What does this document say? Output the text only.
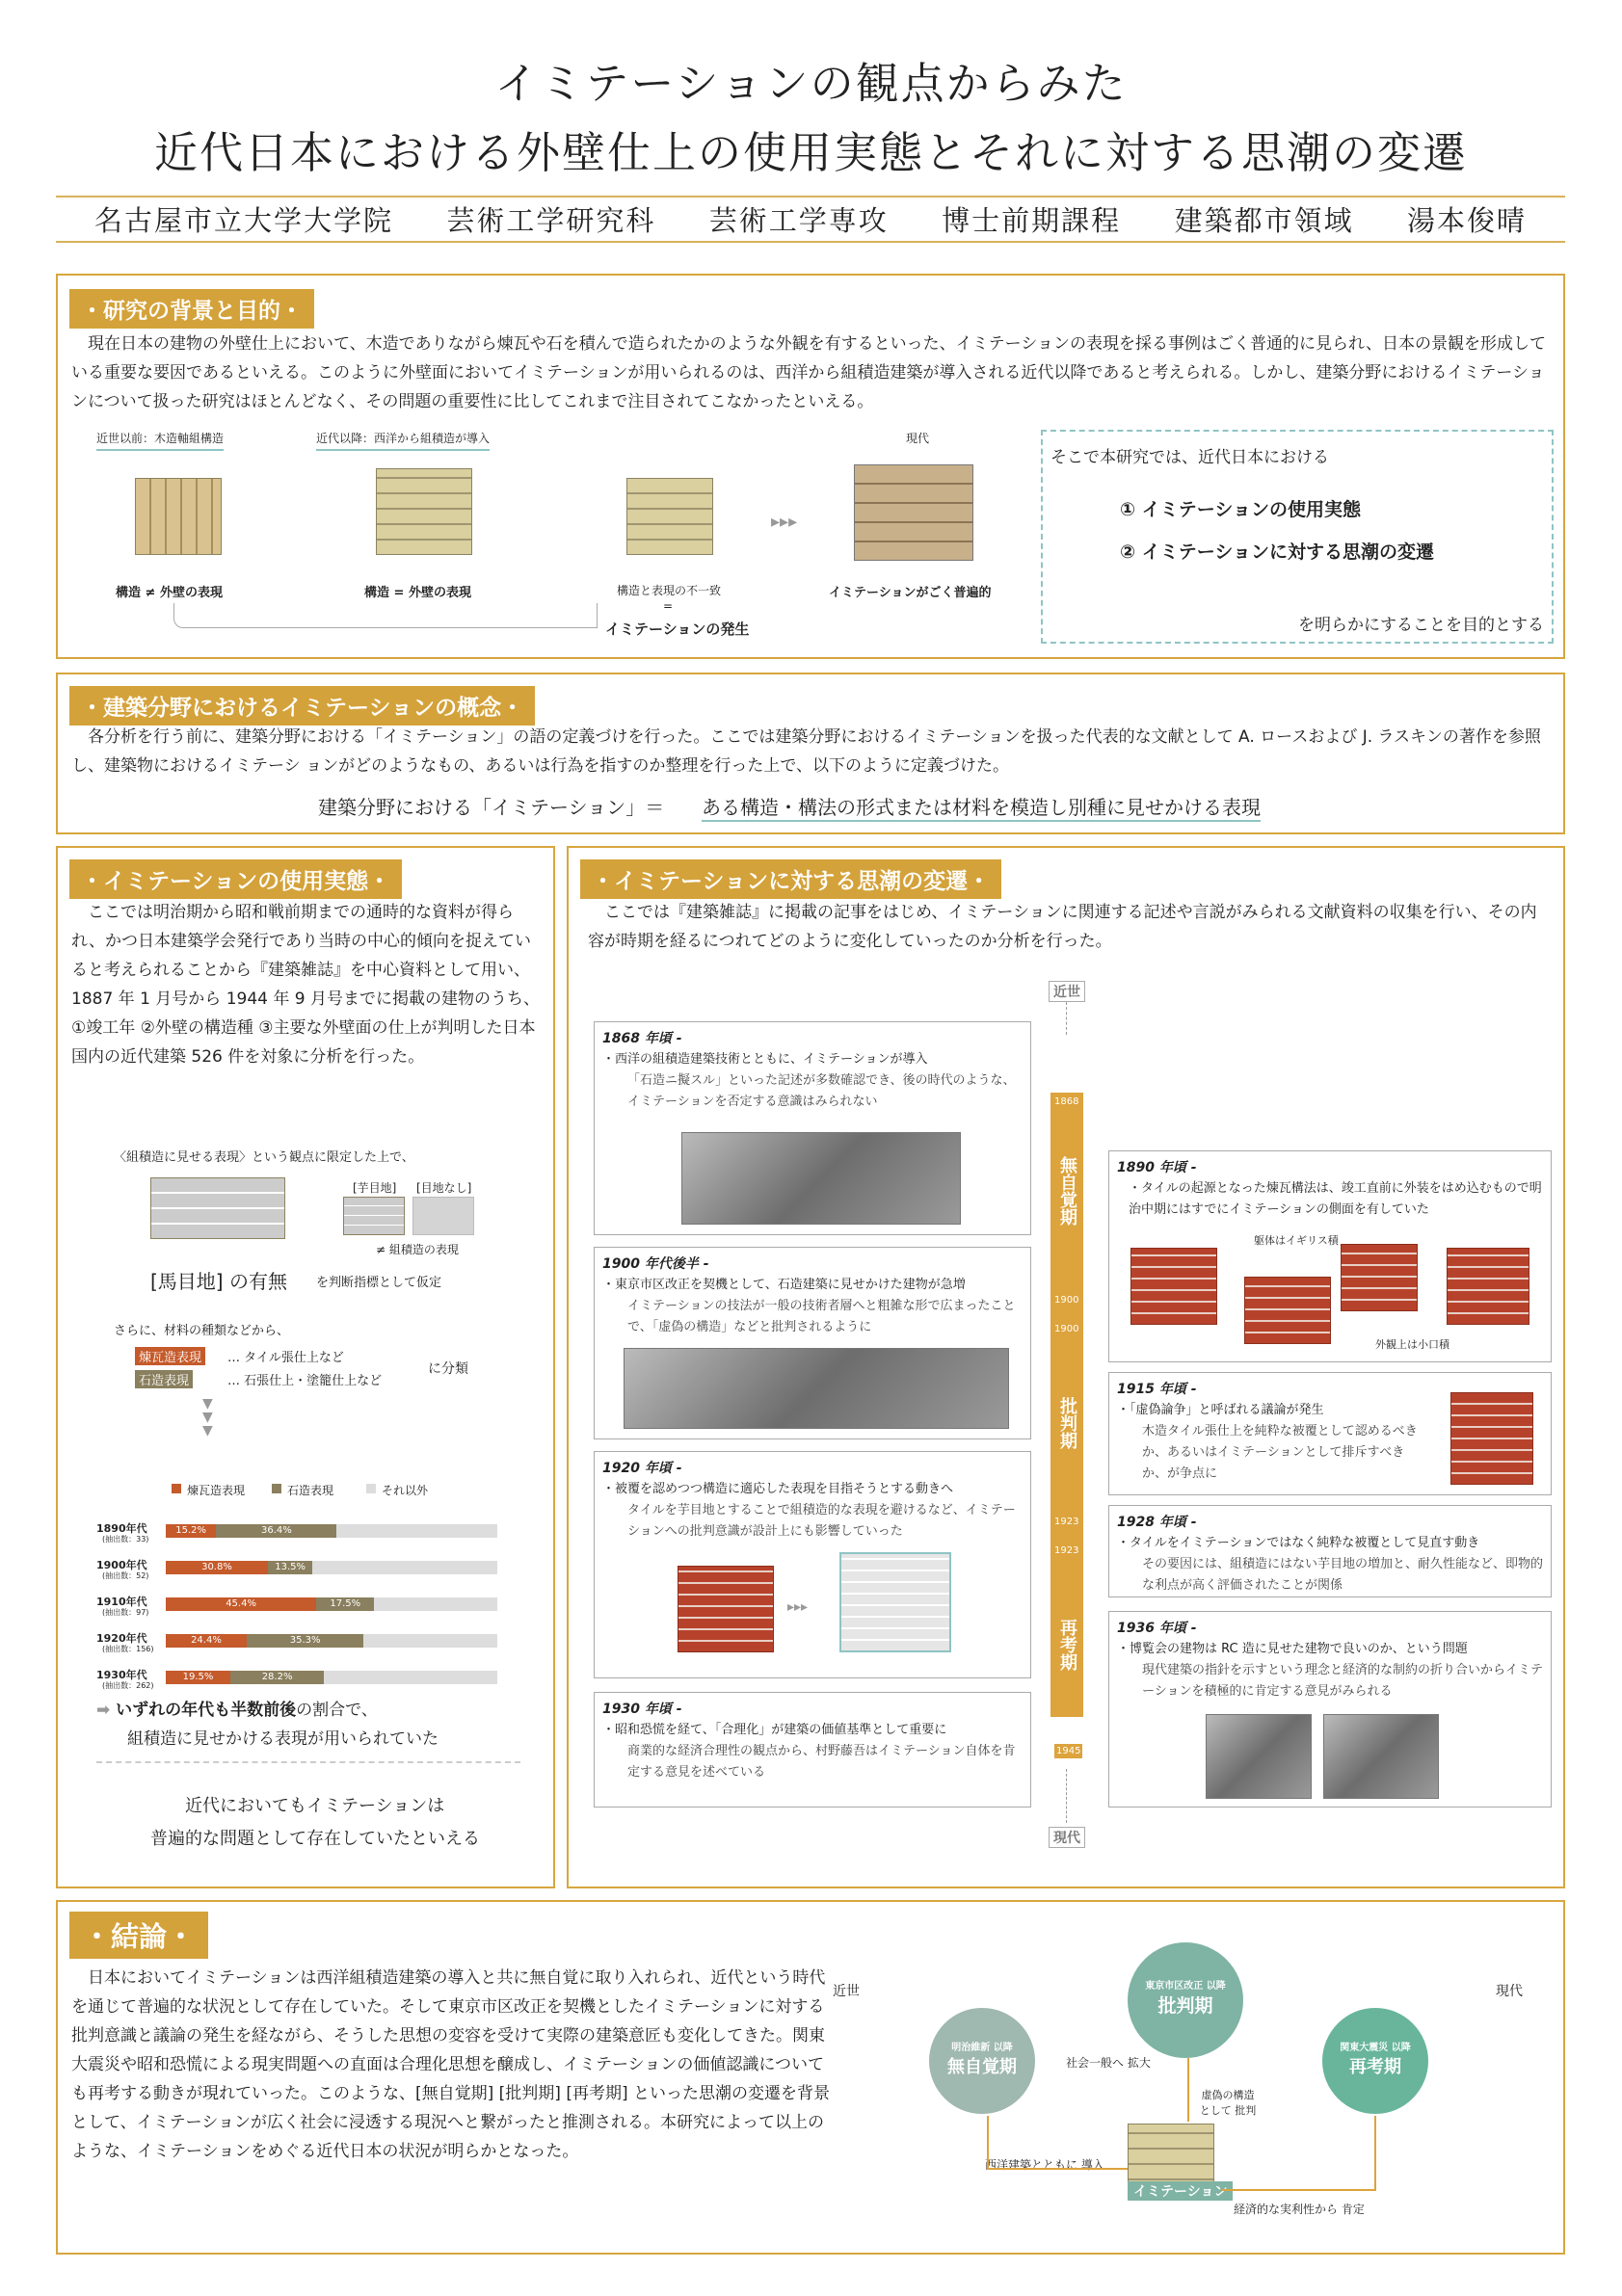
イミテーションの観点からみた
近代日本における外壁仕上の使用実態とそれに対する思潮の変遷
名古屋市立大学大学院 芸術工学研究科 芸術工学専攻 博士前期課程 建築都市領域 湯本俊晴
・研究の背景と目的・
現在日本の建物の外壁仕上において、木造でありながら煉瓦や石を積んで造られたかのような外観を有するといった、イミテーションの表現を採る事例はごく普通的に見られ、日本の景観を形成している重要な要因であるといえる。このように外壁面においてイミテーションが用いられるのは、西洋から組積造建築が導入される近代以降であると考えられる。しかし、建築分野におけるイミテーションについて扱った研究はほとんどなく、その問題の重要性に比してこれまで注目されてこなかったといえる。
近世以前：木造軸組構造	近代以降：西洋から組積造が導入	現代
▸▸▸
構造 ≠ 外壁の表現	構造 = 外壁の表現	構造と表現の不一致
=
イミテーションの発生
イミテーションがごく普遍的
そこで本研究では、近代日本における
① イミテーションの使用実態
② イミテーションに対する思潮の変遷
を明らかにすることを目的とする
・建築分野におけるイミテーションの概念・
各分析を行う前に、建築分野における「イミテーション」の語の定義づけを行った。ここでは建築分野におけるイミテーションを扱った代表的な文献として A. ロースおよび J. ラスキンの著作を参照し、建築物におけるイミテーシ ョンがどのようなもの、あるいは行為を指すのか整理を行った上で、以下のように定義づけた。
建築分野における「イミテーション」＝ ある構造・構法の形式または材料を模造し別種に見せかける表現
・イミテーションの使用実態・
ここでは明治期から昭和戦前期までの通時的な資料が得られ、かつ日本建築学会発行であり当時の中心的傾向を捉えていると考えられることから『建築雑誌』を中心資料として用い、1887 年 1 月号から 1944 年 9 月号までに掲載の建物のうち、①竣工年 ②外壁の構造種 ③主要な外壁面の仕上が判明した日本国内の近代建築 526 件を対象に分析を行った。
〈組積造に見せる表現〉という観点に限定した上で、
[芋目地] [目地なし]
≠ 組積造の表現
[馬目地] の有無 を判断指標として仮定
さらに、材料の種類などから、
煉瓦造表現	… タイル張仕上など
石造表現	… 石張仕上・塗籠仕上など
に分類
▼
▼
▼
煉瓦造表現	石造表現	それ以外
1890年代
(抽出数：33)
15.2%	36.4%
1900年代
(抽出数：52)
30.8%	13.5%
1910年代
(抽出数：97)
45.4%	17.5%
1920年代
(抽出数：156)
24.4%	35.3%
1930年代
(抽出数：262)
19.5%	28.2%
➡ いずれの年代も半数前後の割合で、
組積造に見せかける表現が用いられていた
近代においてもイミテーションは
普遍的な問題として存在していたといえる
・イミテーションに対する思潮の変遷・
ここでは『建築雑誌』に掲載の記事をはじめ、イミテーションに関連する記述や言説がみられる文献資料の収集を行い、その内容が時期を経るにつれてどのように変化していったのか分析を行った。
近世
1868
無自覚期
1900
1900
批判期
1923
1923
再考期
1945
現代
1868 年頃 -
・西洋の組積造建築技術とともに、イミテーションが導入
「石造ニ擬スル」といった記述が多数確認でき、後の時代のような、イミテーションを否定する意識はみられない
1900 年代後半 -
・東京市区改正を契機として、石造建築に見せかけた建物が急増
イミテーションの技法が一般の技術者層へと粗雑な形で広まったことで、「虚偽の構造」などと批判されるように
1920 年頃 -
・被覆を認めつつ構造に適応した表現を目指そうとする動きへ
タイルを芋目地とすることで組積造的な表現を避けるなど、イミテーションへの批判意識が設計上にも影響していった
▸▸▸
1930 年頃 -
・昭和恐慌を経て、「合理化」が建築の価値基準として重要に
商業的な経済合理性の観点から、村野藤吾はイミテーション自体を肯定する意見を述べている
1890 年頃 -
・タイルの起源となった煉瓦構法は、竣工直前に外装をはめ込むもので明治中期にはすでにイミテーションの側面を有していた
躯体はイギリス積
外観上は小口積
1915 年頃 -
・「虚偽論争」と呼ばれる議論が発生
木造タイル張仕上を純粋な被覆として認めるべきか、あるいはイミテーションとして排斥すべきか、が争点に
1928 年頃 -
・タイルをイミテーションではなく純粋な被覆として見直す動き
その要因には、組積造にはない芋目地の増加と、耐久性能など、即物的な利点が高く評価されたことが関係
1936 年頃 -
・博覧会の建物は RC 造に見せた建物で良いのか、という問題
現代建築の指針を示すという理念と経済的な制約の折り合いからイミテーションを積極的に肯定する意見がみられる
・結論・
日本においてイミテーションは西洋組積造建築の導入と共に無自覚に取り入れられ、近代という時代を通じて普遍的な状況として存在していた。そして東京市区改正を契機としたイミテーションに対する批判意識と議論の発生を経ながら、そうした思想の変容を受けて実際の建築意匠も変化してきた。関東大震災や昭和恐慌による現実問題への直面は合理化思想を醸成し、イミテーションの価値認識についても再考する動きが現れていった。このような、[無自覚期] [批判期] [再考期] といった思潮の変遷を背景として、イミテーションが広く社会に浸透する現況へと繋がったと推測される。本研究によって以上のような、イミテーションをめぐる近代日本の状況が明らかとなった。
近世	現代
明治維新 以降
無自覚期
東京市区改正 以降
批判期
関東大震災 以降
再考期
社会一般へ 拡大
虚偽の構造として 批判
西洋建築とともに 導入
イミテーション
経済的な実利性から 肯定
